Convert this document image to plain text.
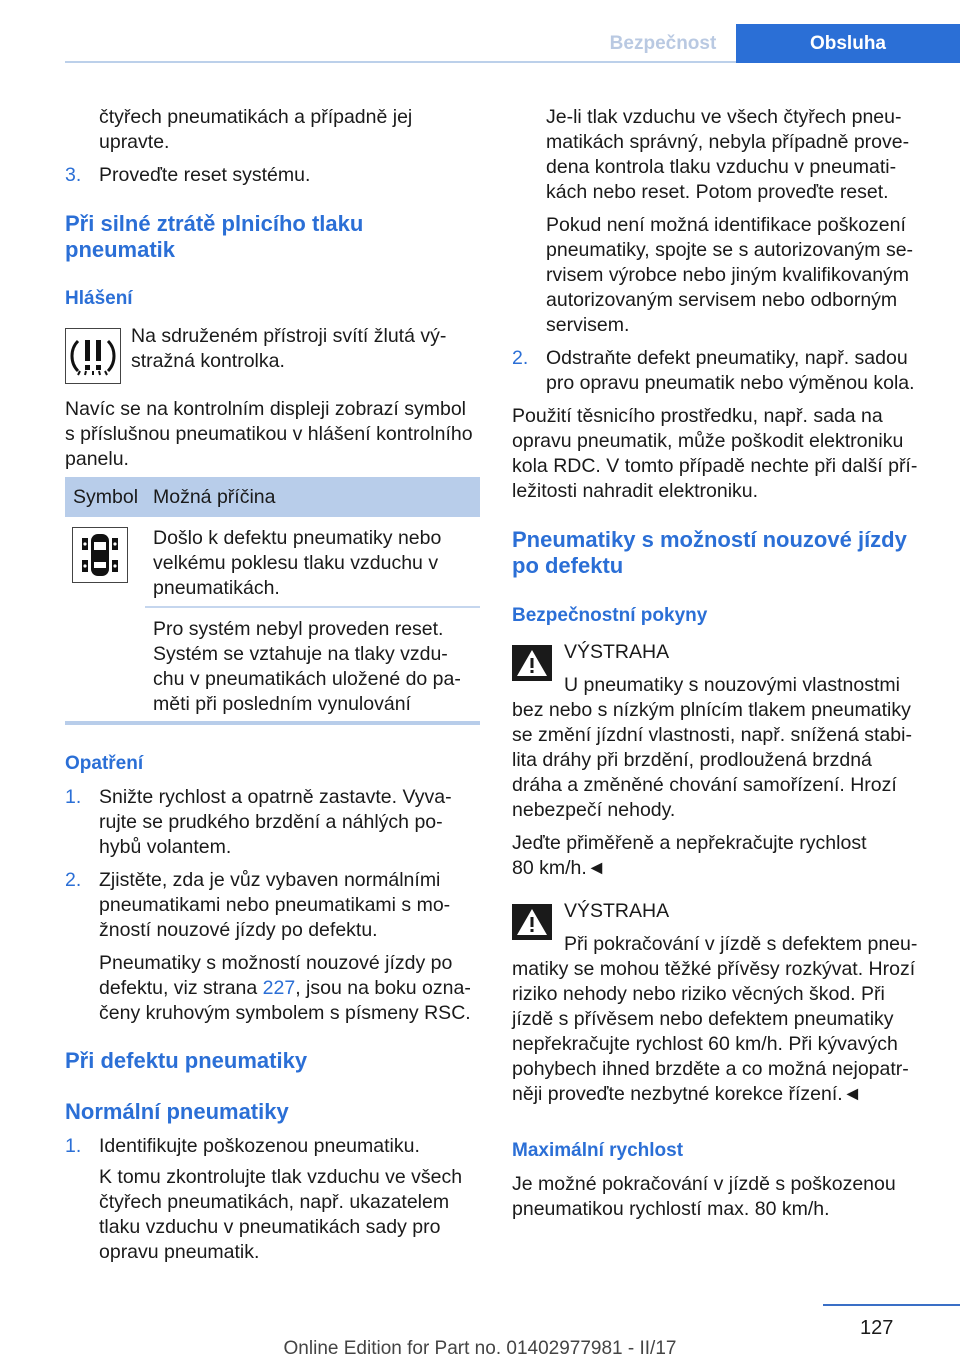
Bezpečnost	Obsluha
čtyřech pneumatikách a případně jej
upravte.
3. Proveďte reset systému.
Při silné ztrátě plnicího tlaku
pneumatik
Hlášení
Na sdruženém přístroji svítí žlutá vý-
stražná kontrolka.
Navíc se na kontrolním displeji zobrazí symbol
s příslušnou pneumatikou v hlášení kontrolního
panelu.
Symbol Možná příčina
Došlo k defektu pneumatiky nebo
velkému poklesu tlaku vzduchu v
pneumatikách.
Pro systém nebyl proveden reset.
Systém se vztahuje na tlaky vzdu-
chu v pneumatikách uložené do pa-
měti při posledním vynulování
Opatření
1. Snižte rychlost a opatrně zastavte. Vyva-
rujte se prudkého brzdění a náhlých po-
hybů volantem.
2. Zjistěte, zda je vůz vybaven normálními
pneumatikami nebo pneumatikami s mo-
žností nouzové jízdy po defektu.
Pneumatiky s možností nouzové jízdy po
defektu, viz strana 227, jsou na boku ozna-
čeny kruhovým symbolem s písmeny RSC.
Při defektu pneumatiky
Normální pneumatiky
1. Identifikujte poškozenou pneumatiku.
K tomu zkontrolujte tlak vzduchu ve všech
čtyřech pneumatikách, např. ukazatelem
tlaku vzduchu v pneumatikách sady pro
opravu pneumatik.
Je-li tlak vzduchu ve všech čtyřech pneu-
matikách správný, nebyla případně prove-
dena kontrola tlaku vzduchu v pneumati-
kách nebo reset. Potom proveďte reset.
Pokud není možná identifikace poškození
pneumatiky, spojte se s autorizovaným se-
rvisem výrobce nebo jiným kvalifikovaným
autorizovaným servisem nebo odborným
servisem.
2. Odstraňte defekt pneumatiky, např. sadou
pro opravu pneumatik nebo výměnou kola.
Použití těsnicího prostředku, např. sada na
opravu pneumatik, může poškodit elektroniku
kola RDC. V tomto případě nechte při další pří-
ležitosti nahradit elektroniku.
Pneumatiky s možností nouzové jízdy
po defektu
Bezpečnostní pokyny
VÝSTRAHA
U pneumatiky s nouzovými vlastnostmi
bez nebo s nízkým plnícím tlakem pneumatiky
se změní jízdní vlastnosti, např. snížená stabi-
lita dráhy při brzdění, prodloužená brzdná
dráha a změněné chování samořízení. Hrozí
nebezpečí nehody.
Jeďte přiměřeně a nepřekračujte rychlost
80 km/h.◄
VÝSTRAHA
Při pokračování v jízdě s defektem pneu-
matiky se mohou těžké přívěsy rozkývat. Hrozí
riziko nehody nebo riziko věcných škod. Při
jízdě s přívěsem nebo defektem pneumatiky
nepřekračujte rychlost 60 km/h. Při kývavých
pohybech ihned brzděte a co možná nejopatr-
něji proveďte nezbytné korekce řízení.◄
Maximální rychlost
Je možné pokračování v jízdě s poškozenou
pneumatikou rychlostí max. 80 km/h.
127
Online Edition for Part no. 01402977981 - II/17
